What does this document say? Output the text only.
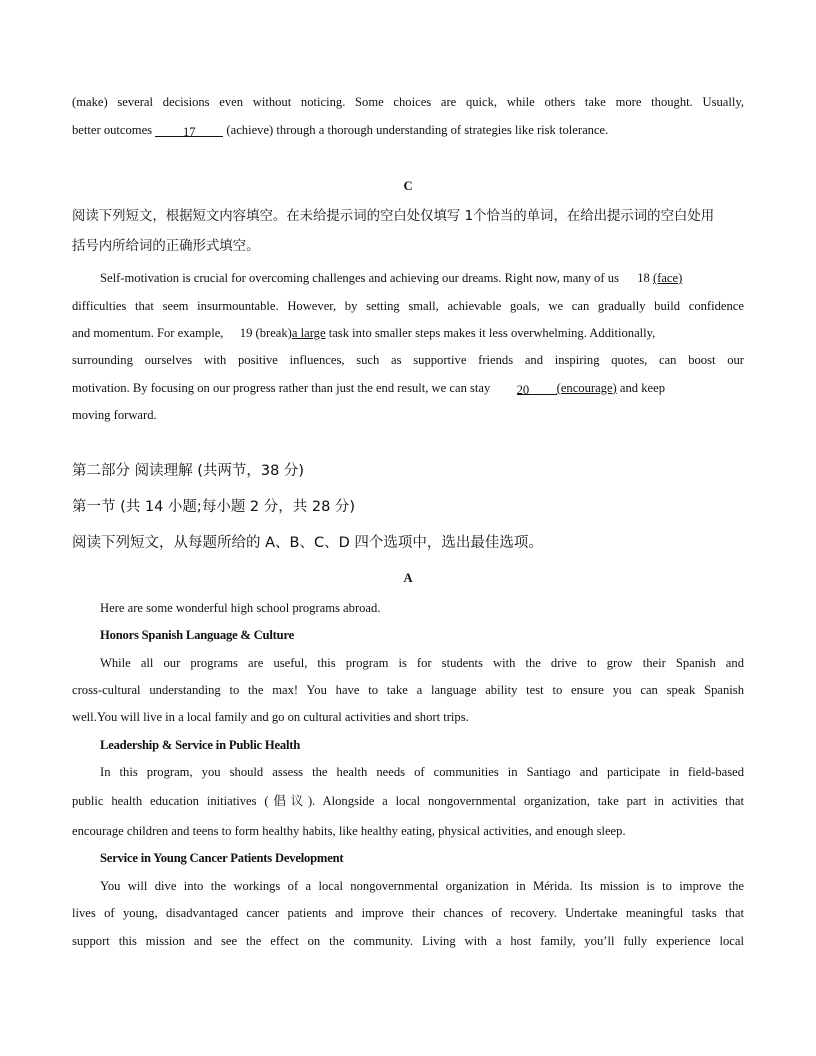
(make) several decisions even without noticing. Some choices are quick, while others take more thought. Usually,
better outcomes 17 (achieve) through a thorough understanding of strategies like risk tolerance.
C
阅读下列短文，根据短文内容填空。在未给提示词的空白处仅填写 1个恰当的单词，在给出提示词的空白处用
括号内所给词的正确形式填空。
Self-motivation is crucial for overcoming challenges and achieving our dreams. Right now, many of us 18 (face)
difficulties that seem insurmountable. However, by setting small, achievable goals, we can gradually build confidence
and momentum. For example, 19 (break)a large task into smaller steps makes it less overwhelming. Additionally,
surrounding ourselves with positive influences, such as supportive friends and inspiring quotes, can boost our
motivation. By focusing on our progress rather than just the end result, we can stay 20 (encourage) and keep
moving forward.
第二部分 阅读理解 (共两节，38 分)
第一节 (共 14 小题;每小题 2 分，共 28 分)
阅读下列短文，从每题所给的 A、B、C、D 四个选项中，选出最佳选项。
A
Here are some wonderful high school programs abroad.
Honors Spanish Language & Culture
While all our programs are useful, this program is for students with the drive to grow their Spanish and
cross-cultural understanding to the max! You have to take a language ability test to ensure you can speak Spanish
well.You will live in a local family and go on cultural activities and short trips.
Leadership & Service in Public Health
In this program, you should assess the health needs of communities in Santiago and participate in field-based
public health education initiatives (倡议). Alongside a local nongovernmental organization, take part in activities that
encourage children and teens to form healthy habits, like healthy eating, physical activities, and enough sleep.
Service in Young Cancer Patients Development
You will dive into the workings of a local nongovernmental organization in Mérida. Its mission is to improve the
lives of young, disadvantaged cancer patients and improve their chances of recovery. Undertake meaningful tasks that
support this mission and see the effect on the community. Living with a host family, you’ll fully experience local
